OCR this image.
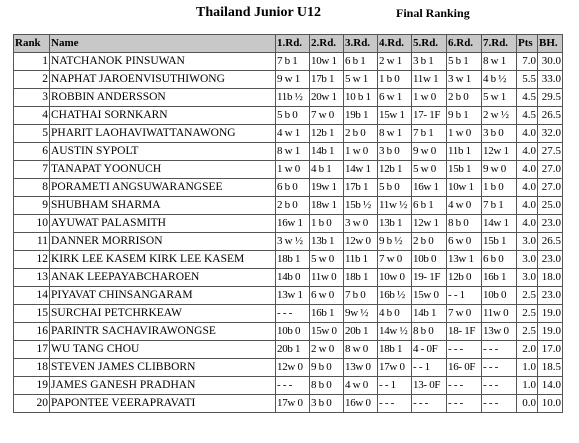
Thailand Junior U12	Final Ranking
Rank	Name	1.Rd.	2.Rd.	3.Rd.	4.Rd.	5.Rd.	6.Rd.	7.Rd.	Pts	BH.
1	NATCHANOK PINSUWAN	7 b 1	10w 1	6 b 1	2 w 1	3 b 1	5 b 1	8 w 1	7.0	30.0
2	NAPHAT JAROENVISUTHIWONG	9 w 1	17b 1	5 w 1	1 b 0	11w 1	3 w 1	4 b ½	5.5	33.0
3	ROBBIN ANDERSSON	11b ½	20w 1	10 b 1	6 w 1	1 w 0	2 b 0	5 w 1	4.5	29.5
4	CHATHAI SORNKARN	5 b 0	7 w 0	19b 1	15w 1	17- 1F	9 b 1	2 w ½	4.5	26.5
5	PHARIT LAOHAVIWATTANAWONG	4 w 1	12b 1	2 b 0	8 w 1	7 b 1	1 w 0	3 b 0	4.0	32.0
6	AUSTIN SYPOLT	8 w 1	14b 1	1 w 0	3 b 0	9 w 0	11b 1	12w 1	4.0	27.5
7	TANAPAT YOONUCH	1 w 0	4 b 1	14w 1	12b 1	5 w 0	15b 1	9 w 0	4.0	27.0
8	PORAMETI ANGSUWARANGSEE	6 b 0	19w 1	17b 1	5 b 0	16w 1	10w 1	1 b 0	4.0	27.0
9	SHUBHAM SHARMA	2 b 0	18w 1	15b ½	11w ½	6 b 1	4 w 0	7 b 1	4.0	25.0
10	AYUWAT PALASMITH	16w 1	1 b 0	3 w 0	13b 1	12w 1	8 b 0	14w 1	4.0	23.0
11	DANNER MORRISON	3 w ½	13b 1	12w 0	9 b ½	2 b 0	6 w 0	15b 1	3.0	26.5
12	KIRK LEE KASEM KIRK LEE KASEM	18b 1	5 w 0	11b 1	7 w 0	10b 0	13w 1	6 b 0	3.0	23.0
13	ANAK LEEPAYABCHAROEN	14b 0	11w 0	18b 1	10w 0	19- 1F	12b 0	16b 1	3.0	18.0
14	PIYAVAT CHINSANGARAM	13w 1	6 w 0	7 b 0	16b ½	15w 0	- - 1	10b 0	2.5	23.0
15	SURCHAI PETCHRKEAW	- - -	16b 1	9w ½	4 b 0	14b 1	7 w 0	11w 0	2.5	19.0
16	PARINTR SACHAVIRAWONGSE	10b 0	15w 0	20b 1	14w ½	8 b 0	18- 1F	13w 0	2.5	19.0
17	WU TANG CHOU	20b 1	2 w 0	8 w 0	18b 1	4 - 0F	- - -	- - -	2.0	17.0
18	STEVEN JAMES CLIBBORN	12w 0	9 b 0	13w 0	17w 0	- - 1	16- 0F	- - -	1.0	18.5
19	JAMES GANESH PRADHAN	- - -	8 b 0	4 w 0	- - 1	13- 0F	- - -	- - -	1.0	14.0
20	PAPONTEE VEERAPRAVATI	17w 0	3 b 0	16w 0	- - -	- - -	- - -	- - -	0.0	10.0
